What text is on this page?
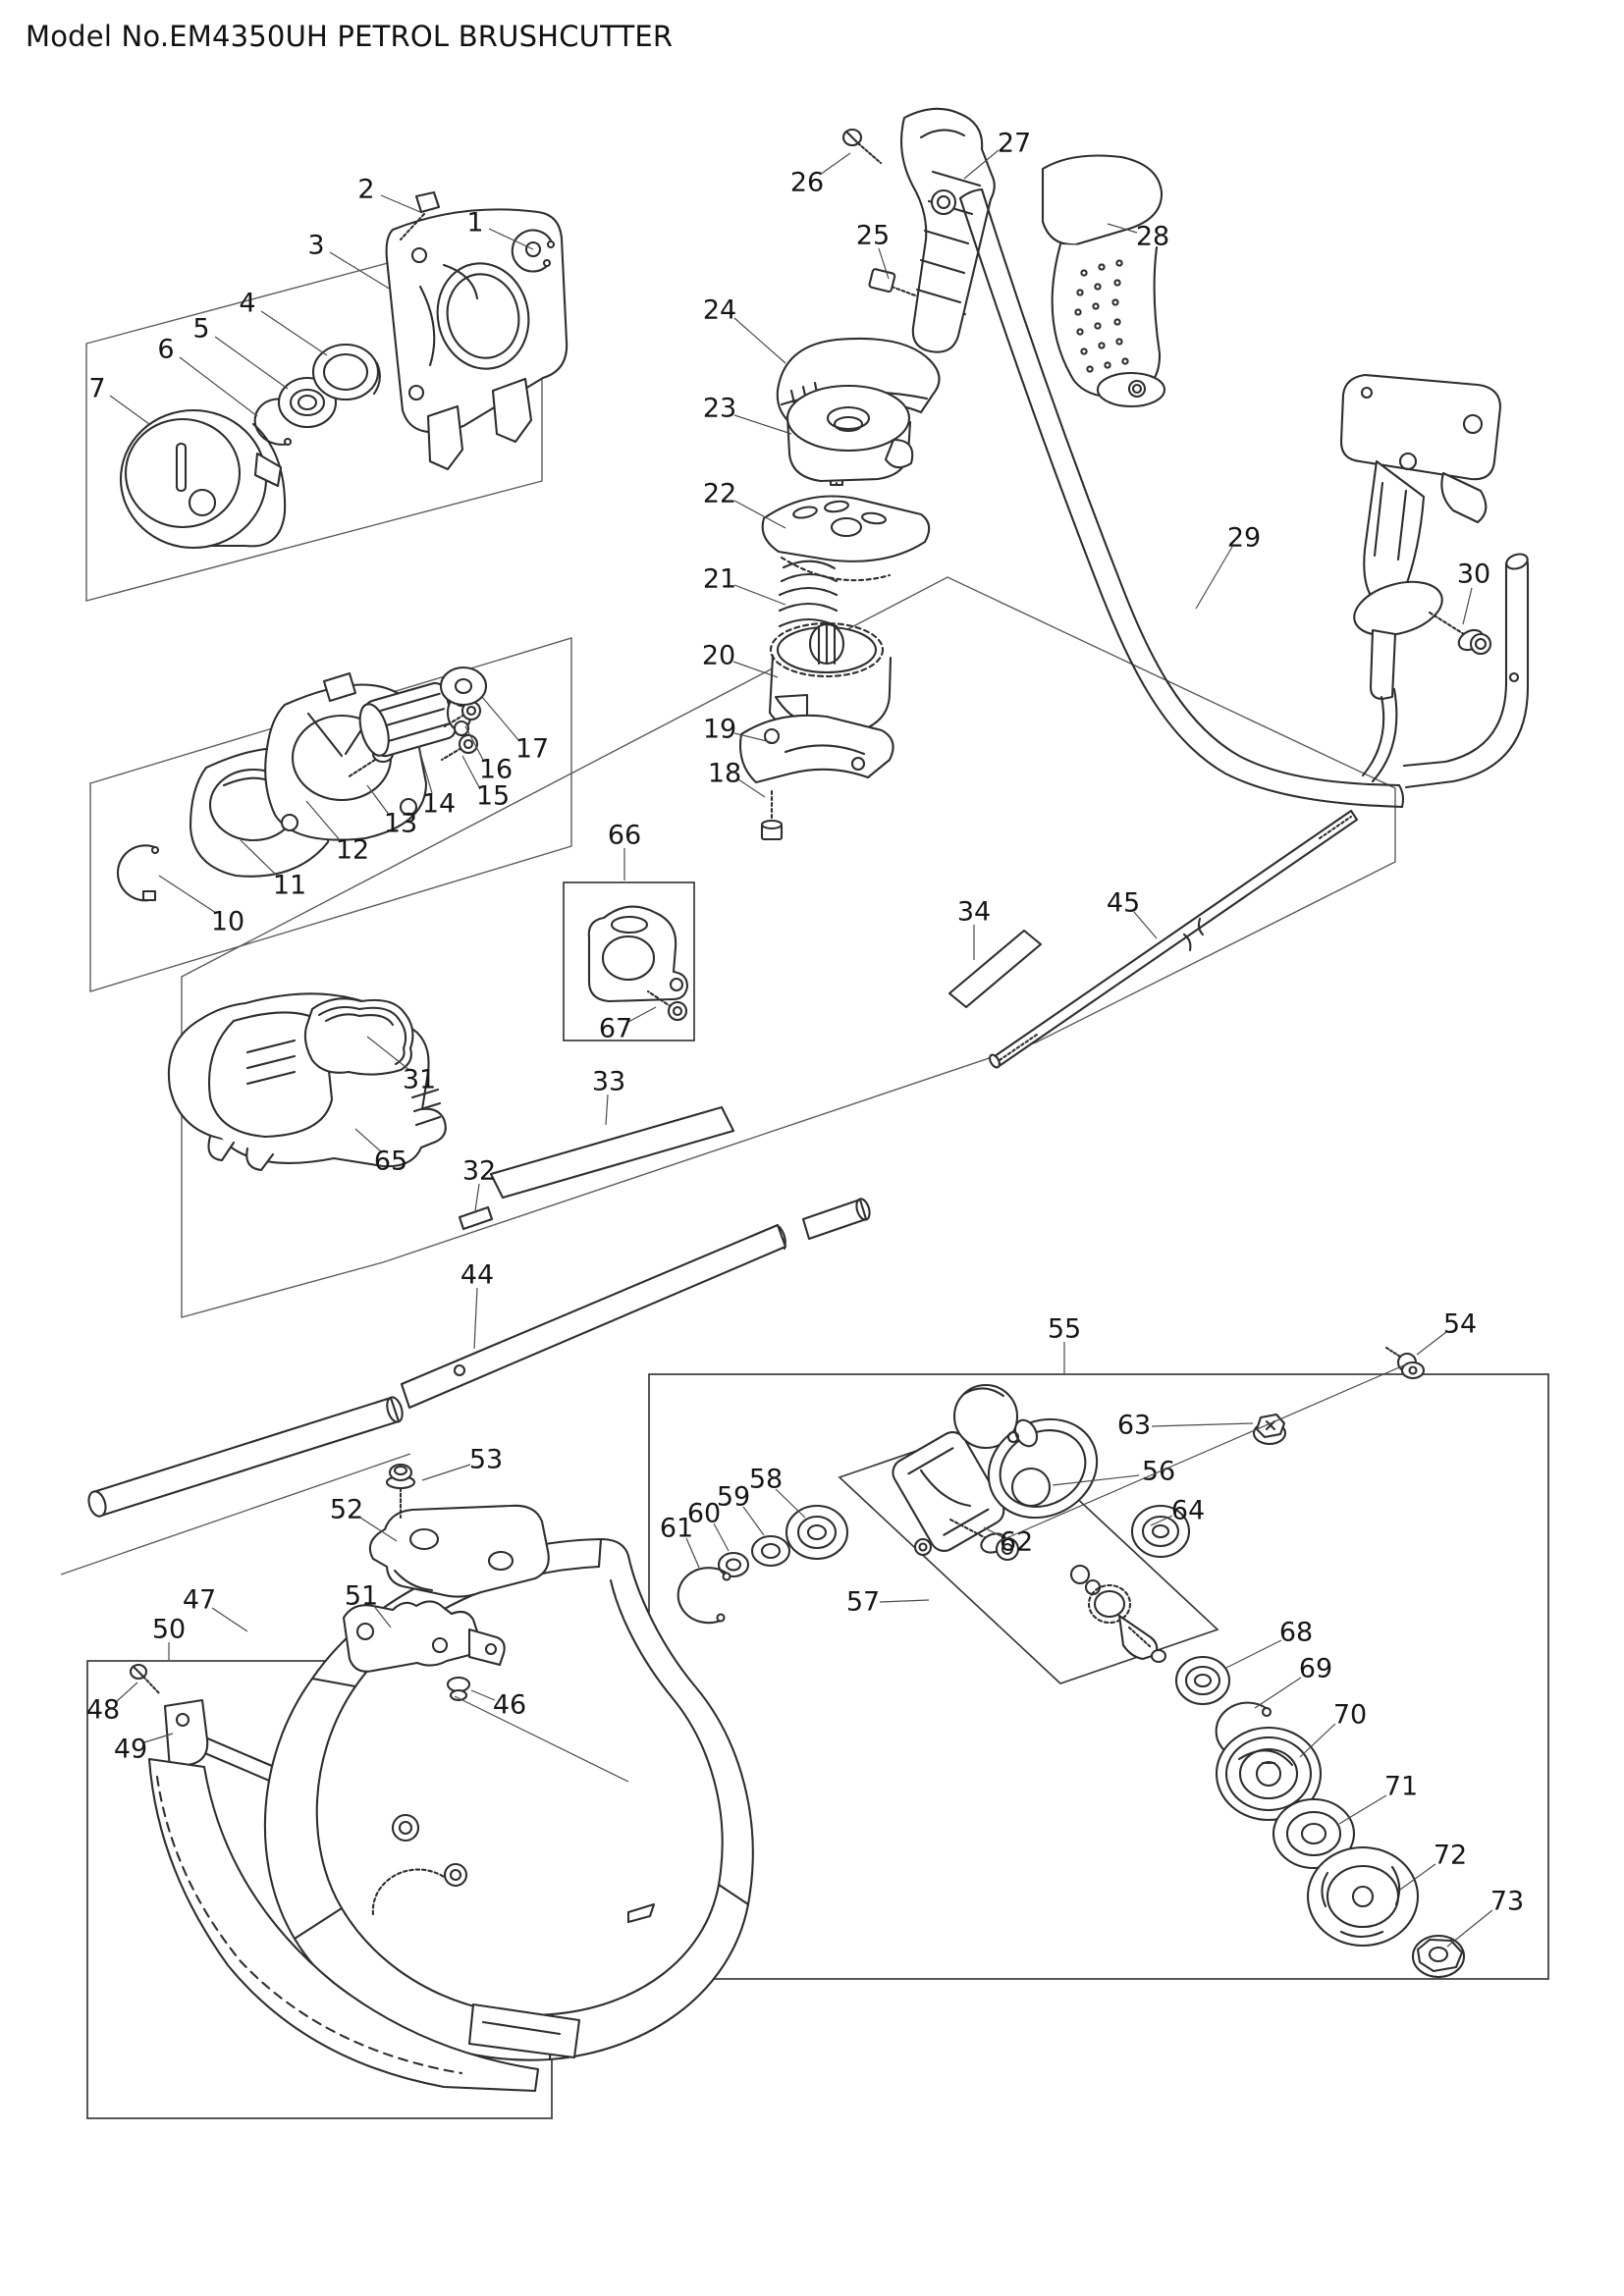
Model No.EM4350UH PETROL BRUSHCUTTER
1
2
3
4
5
6
7
10
11
12
13
14 15
16
17
18
19
20
21
22
23
24
25
26
27
28
29
30
31
32
33
34
44
45
46
47
48
49
50
51
52
53
54
55
56
57
58
59
60
61	62
63
64
65
66
67
68
69
70
71
72
73
